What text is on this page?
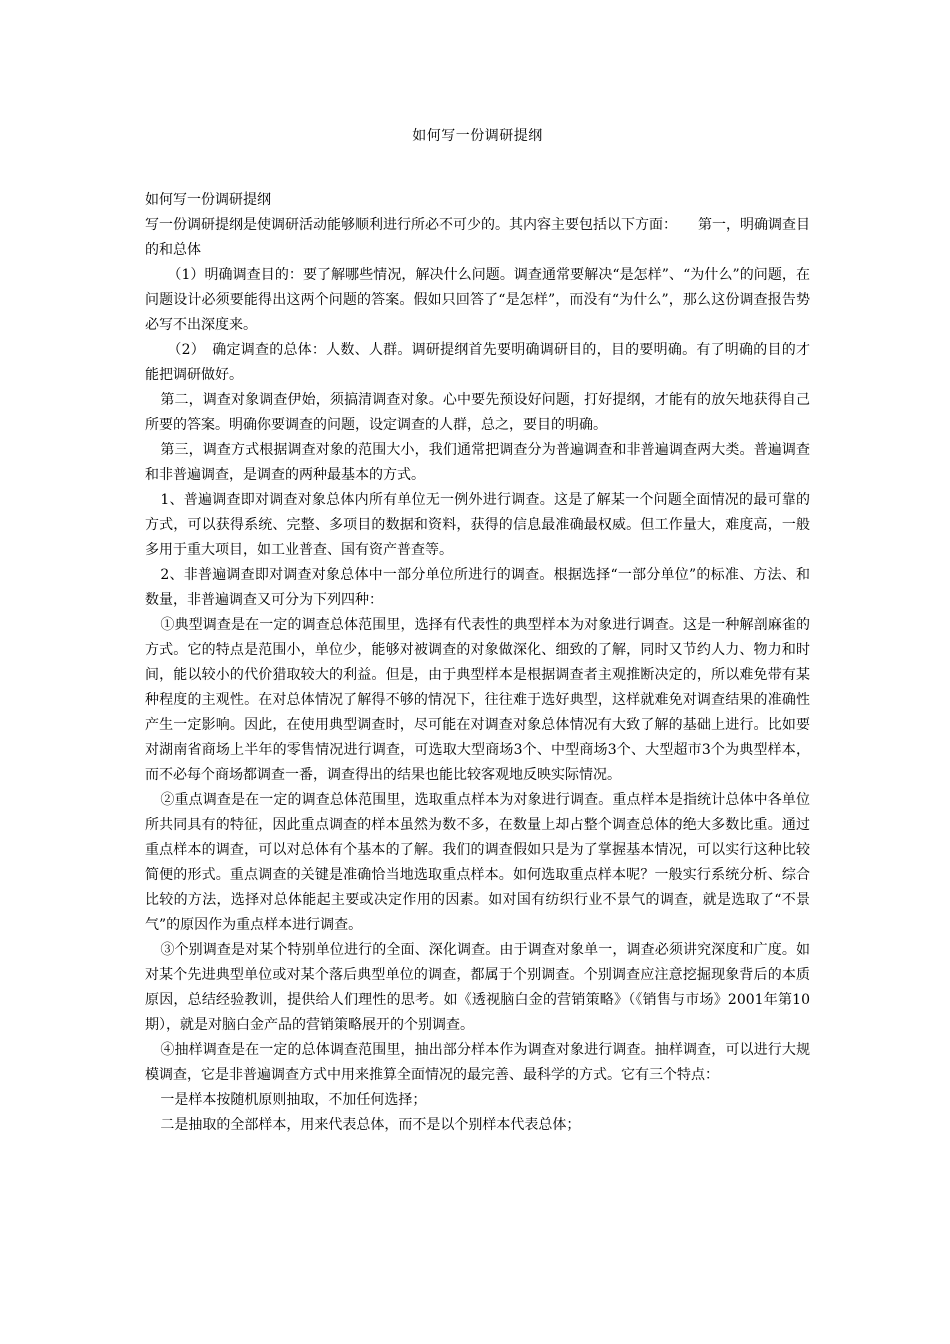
如何写一份调研提纲

如何写一份调研提纲

写一份调研提纲是使调研活动能够顺利进行所必不可少的。其内容主要包括以下方面：　　第一，明确调查目的和总体

（1）明确调查目的：要了解哪些情况，解决什么问题。调查通常要解决“是怎样”、“为什么”的问题，在问题设计必须要能得出这两个问题的答案。假如只回答了“是怎样”，而没有“为什么”，那么这份调查报告势必写不出深度来。

（2）　确定调查的总体：人数、人群。调研提纲首先要明确调研目的，目的要明确。有了明确的目的才能把调研做好。

第二，调查对象调查伊始，须搞清调查对象。心中要先预设好问题，打好提纲，才能有的放矢地获得自己所要的答案。明确你要调查的问题，设定调查的人群，总之，要目的明确。

第三，调查方式根据调查对象的范围大小，我们通常把调查分为普遍调查和非普遍调查两大类。普遍调查和非普遍调查，是调查的两种最基本的方式。

1、普遍调查即对调查对象总体内所有单位无一例外进行调查。这是了解某一个问题全面情况的最可靠的方式，可以获得系统、完整、多项目的数据和资料，获得的信息最准确最权威。但工作量大，难度高，一般多用于重大项目，如工业普查、国有资产普查等。

2、非普遍调查即对调查对象总体中一部分单位所进行的调查。根据选择“一部分单位”的标准、方法、和数量，非普遍调查又可分为下列四种：

①典型调查是在一定的调查总体范围里，选择有代表性的典型样本为对象进行调查。这是一种解剖麻雀的方式。它的特点是范围小，单位少，能够对被调查的对象做深化、细致的了解，同时又节约人力、物力和时间，能以较小的代价猎取较大的利益。但是，由于典型样本是根据调查者主观推断决定的，所以难免带有某种程度的主观性。在对总体情况了解得不够的情况下，往往难于选好典型，这样就难免对调查结果的准确性产生一定影响。因此，在使用典型调查时，尽可能在对调查对象总体情况有大致了解的基础上进行。比如要对湖南省商场上半年的零售情况进行调查，可选取大型商场3个、中型商场3个、大型超市3个为典型样本，而不必每个商场都调查一番，调查得出的结果也能比较客观地反映实际情况。

②重点调查是在一定的调查总体范围里，选取重点样本为对象进行调查。重点样本是指统计总体中各单位所共同具有的特征，因此重点调查的样本虽然为数不多，在数量上却占整个调查总体的绝大多数比重。通过重点样本的调查，可以对总体有个基本的了解。我们的调查假如只是为了掌握基本情况，可以实行这种比较简便的形式。重点调查的关键是准确恰当地选取重点样本。如何选取重点样本呢？一般实行系统分析、综合比较的方法，选择对总体能起主要或决定作用的因素。如对国有纺织行业不景气的调查，就是选取了“不景气”的原因作为重点样本进行调查。

③个别调查是对某个特别单位进行的全面、深化调查。由于调查对象单一，调查必须讲究深度和广度。如对某个先进典型单位或对某个落后典型单位的调查，都属于个别调查。个别调查应注意挖掘现象背后的本质原因，总结经验教训，提供给人们理性的思考。如《透视脑白金的营销策略》（《销售与市场》2001年第10期），就是对脑白金产品的营销策略展开的个别调查。

④抽样调查是在一定的总体调查范围里，抽出部分样本作为调查对象进行调查。抽样调查，可以进行大规模调查，它是非普遍调查方式中用来推算全面情况的最完善、最科学的方式。它有三个特点：

一是样本按随机原则抽取，不加任何选择；

二是抽取的全部样本，用来代表总体，而不是以个别样本代表总体；
